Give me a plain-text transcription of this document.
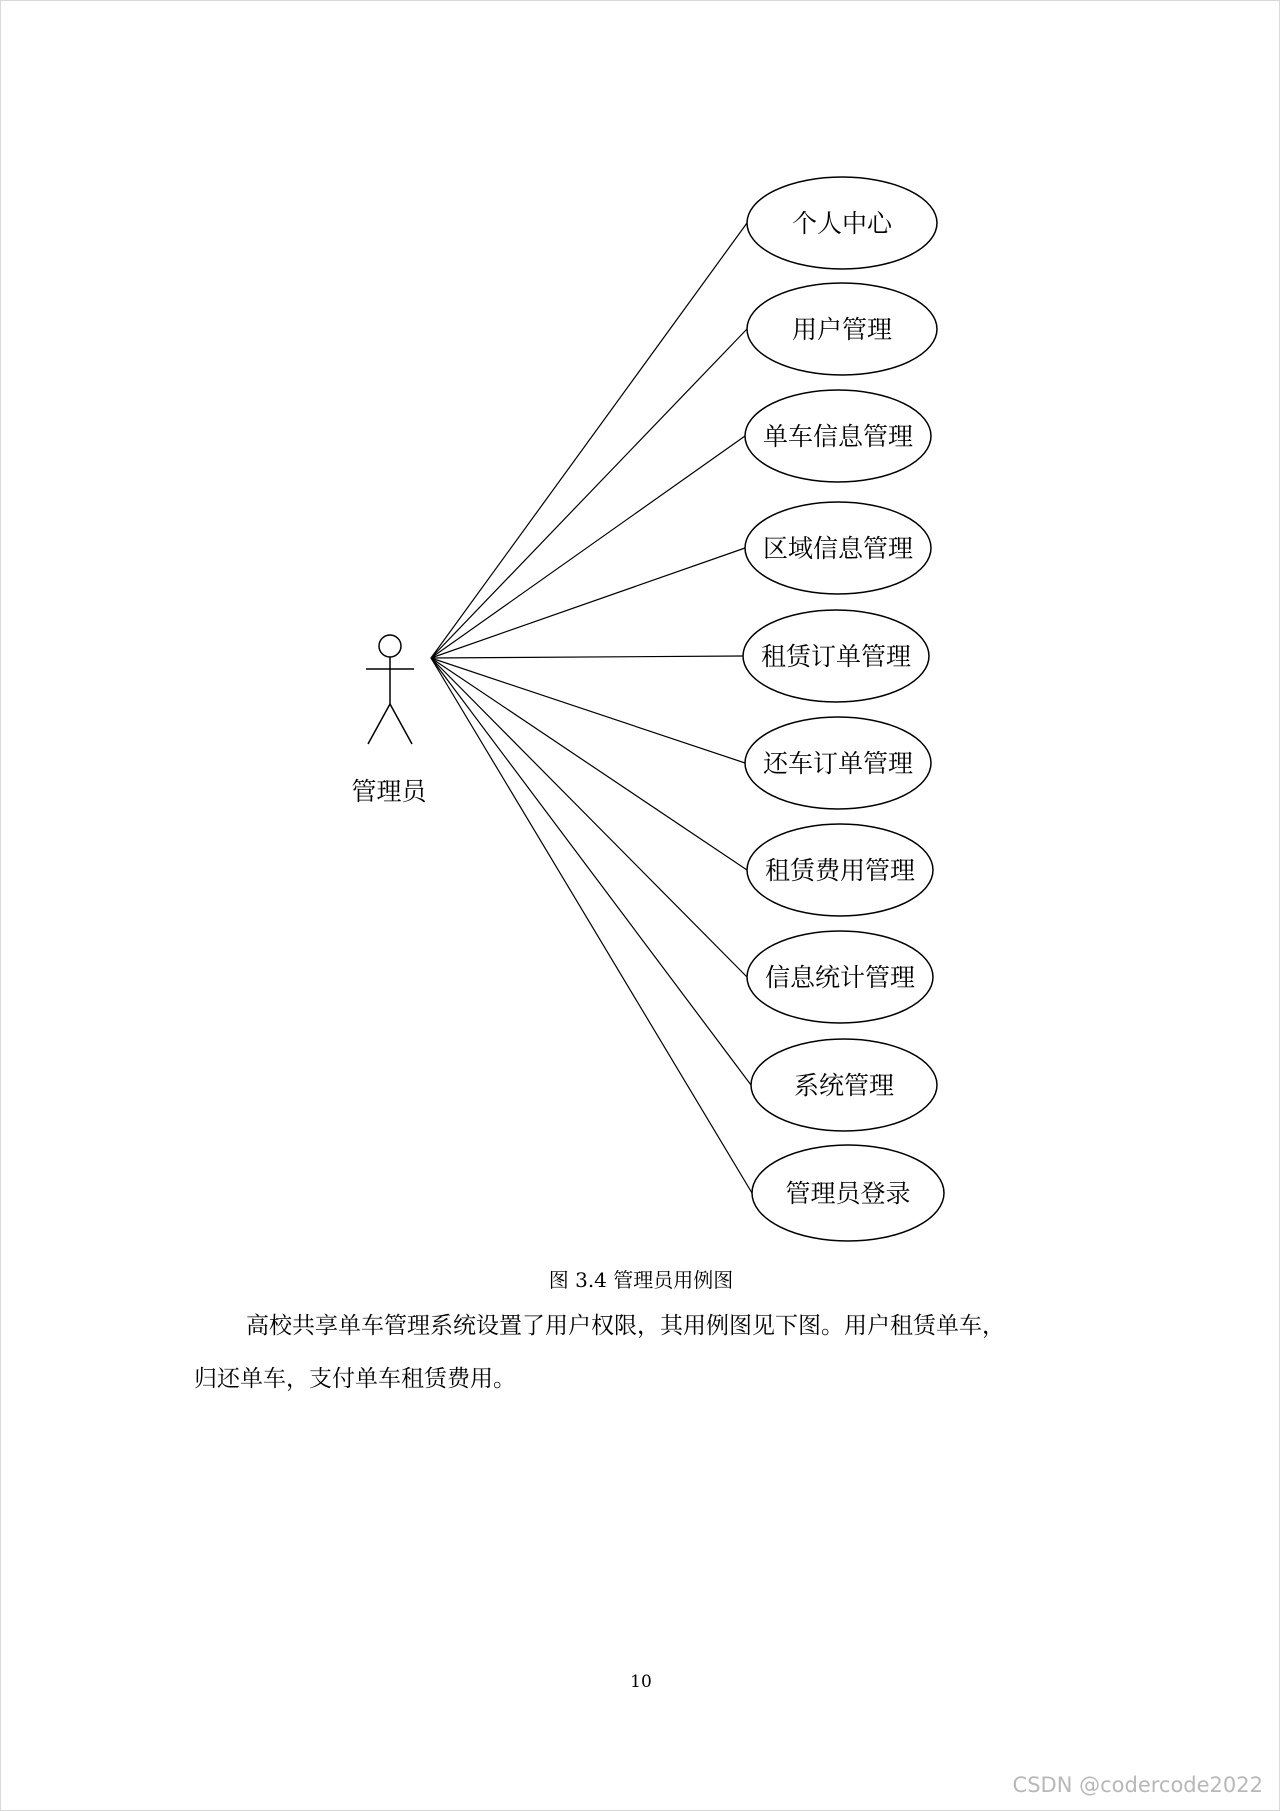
管理员
个人中心
用户管理
单车信息管理
区域信息管理
租赁订单管理
还车订单管理
租赁费用管理
信息统计管理
系统管理
管理员登录
图 3.4 管理员用例图
高校共享单车管理系统设置了用户权限，其用例图见下图。用户租赁单车，
归还单车，支付单车租赁费用。
10
CSDN @codercode2022
